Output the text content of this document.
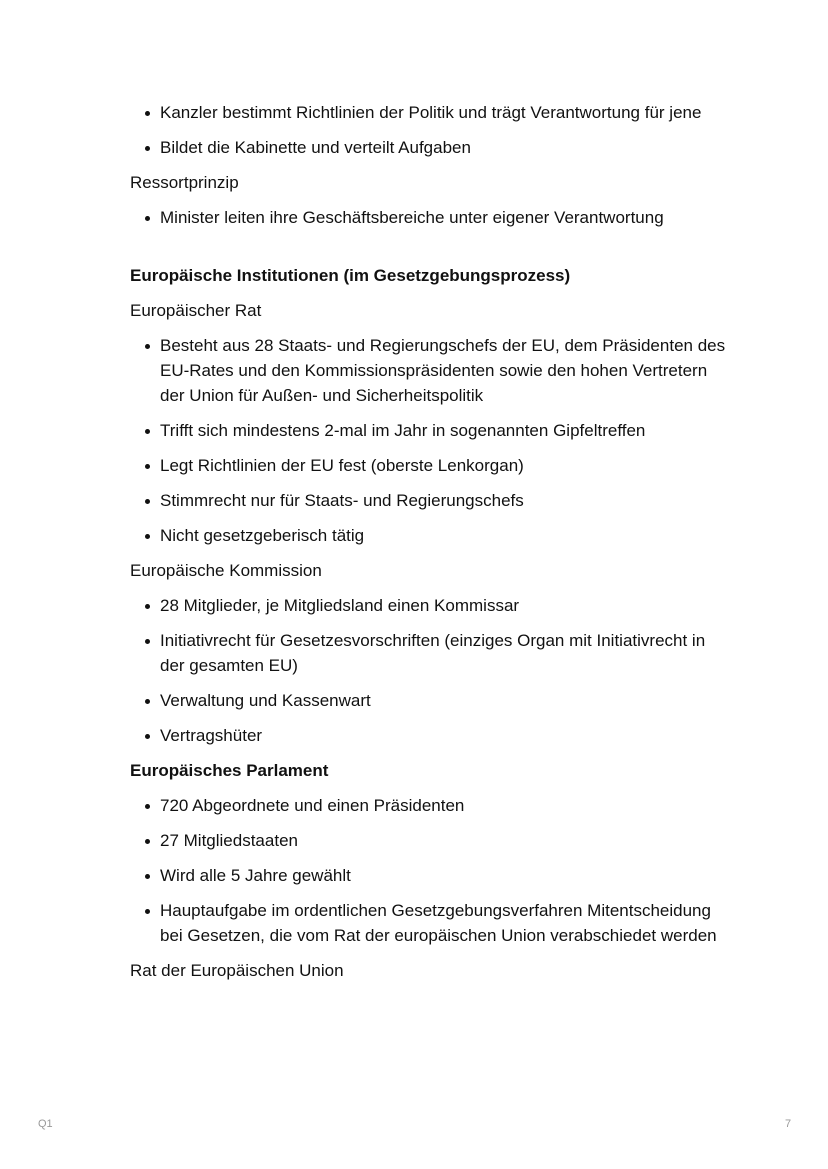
Kanzler bestimmt Richtlinien der Politik und trägt Verantwortung für jene
Bildet die Kabinette und verteilt Aufgaben
Ressortprinzip
Minister leiten ihre Geschäftsbereiche unter eigener Verantwortung
Europäische Institutionen (im Gesetzgebungsprozess)
Europäischer Rat
Besteht aus 28 Staats- und Regierungschefs der EU, dem Präsidenten des EU-Rates und den Kommissionspräsidenten sowie den hohen Vertretern der Union für Außen- und Sicherheitspolitik
Trifft sich mindestens 2-mal im Jahr in sogenannten Gipfeltreffen
Legt Richtlinien der EU fest (oberste Lenkorgan)
Stimmrecht nur für Staats- und Regierungschefs
Nicht gesetzgeberisch tätig
Europäische Kommission
28 Mitglieder, je Mitgliedsland einen Kommissar
Initiativrecht für Gesetzesvorschriften (einziges Organ mit Initiativrecht in der gesamten EU)
Verwaltung und Kassenwart
Vertragshüter
Europäisches Parlament
720 Abgeordnete und einen Präsidenten
27 Mitgliedstaaten
Wird alle 5 Jahre gewählt
Hauptaufgabe im ordentlichen Gesetzgebungsverfahren Mitentscheidung bei Gesetzen, die vom Rat der europäischen Union verabschiedet werden
Rat der Europäischen Union
Q1	7
